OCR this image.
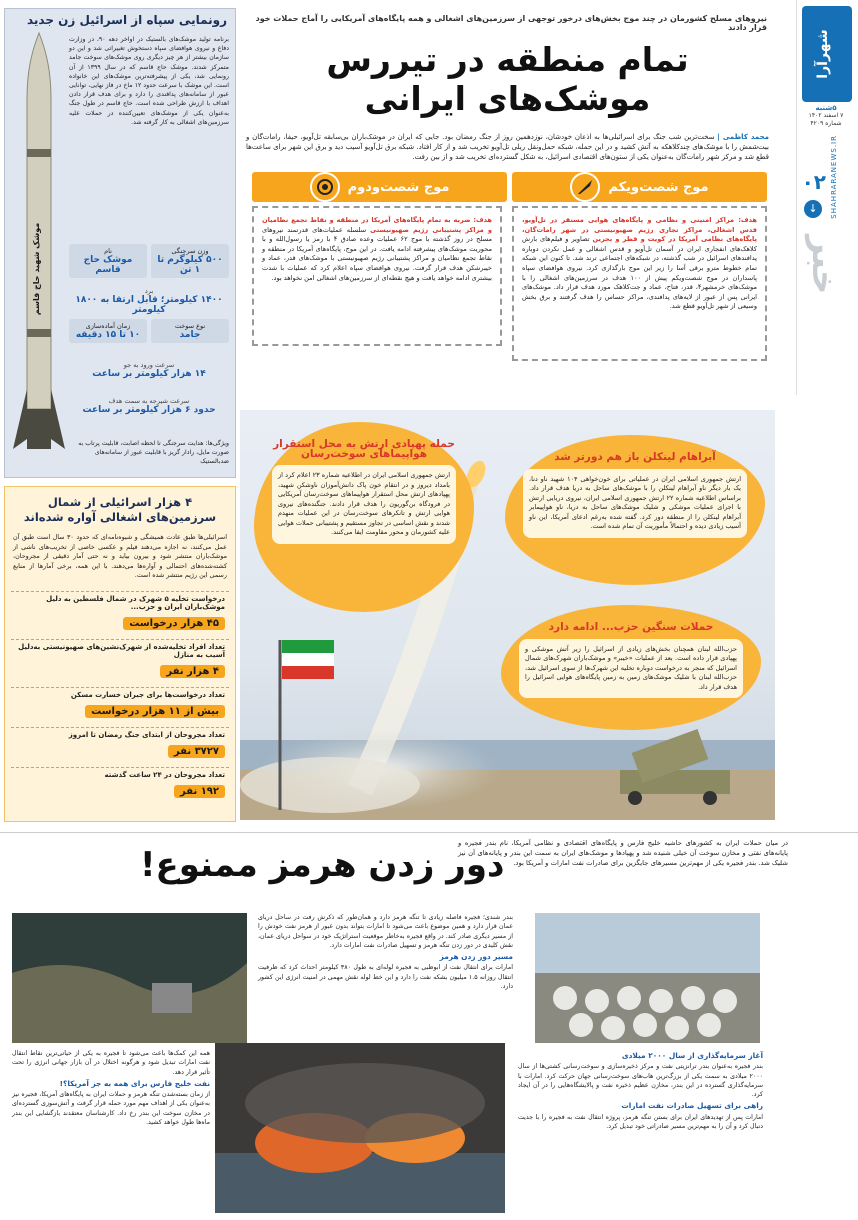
شهرآرا
۵شنبه
۷ اسفند ۱۴۰۲
شماره ۴۲۰۹
SHAHRARANEWS.IR
۰۲
↓
خبر
نیروهای مسلح کشورمان در چند موج بخش‌های درخور توجهی از سرزمین‌های اشغالی و همه پایگاه‌های آمریکایی را آماج حملات خود قرار دادند
تمام منطقه در تیررس موشک‌های ایرانی
محمد کاظمی | سخت‌ترین شب جنگ برای اسرائیلی‌ها به اذعان خودشان، نوزدهمین روز از جنگ رمضان بود. جایی که ایران در موشک‌باران بی‌سابقه تل‌آویو، حیفا، رامات‌گان و بیت‌شمش را با موشک‌های چندکلاهکه به آتش کشید و در این حمله، شبکه حمل‌ونقل ریلی تل‌آویو تخریب شد و از کار افتاد. شبکه برق تل‌آویو آسیب دید و برق این شهر برای ساعت‌ها قطع شد و مرکز شهر رامات‌گان به‌عنوان یکی از ستون‌های اقتصادی اسرائیل، به شکل گسترده‌ای تخریب شد و از بین رفت.
موج شصت‌ویکم
هدف: مراکز امنیتی و نظامی و پایگاه‌های هوایی مستقر در تل‌آویو، قدس اشغالی، مراکز تجاری رژیم صهیونیستی در شهر رامات‌گان، پایگاه‌های نظامی آمریکا در کویت و قطر و بحرین تصاویر و فیلم‌های بارش کلاهک‌های انفجاری ایران در آسمان تل‌آویو و قدس اشغالی و عمل نکردن دوباره پدافندهای اسرائیل در شب گذشته، در شبکه‌های اجتماعی ترند شد. تا کنون این شبکه تمام خطوط مترو برقی آسا را زیر این موج بارگذاری کرد. نیروی هوافضای سپاه پاسداران در موج شصت‌ویکم پیش از ۱۰۰ هدف در سرزمین‌های اشغالی را با موشک‌های خرمشهر۴، قدر، فتاح، عماد و جت‌کلاهک مورد هدف قرار داد. موشک‌های ایرانی پس از عبور از لایه‌های پدافندی، مراکز حساس را هدف گرفتند و برق بخش وسیعی از شهر تل‌آویو قطع شد.
موج شصت‌ودوم
هدف: ضربه به تمام پایگاه‌های آمریکا در منطقه و نقاط تجمع نظامیان و مراکز پشتیبانی رژیم صهیونیستی سلسله عملیات‌های قدرتمند نیروهای مسلح در روز گذشته با موج ۶۲ عملیات وعده صادق ۴ با رمز یا رسول‌الله و با محوریت موشک‌های پیشرفته ادامه یافت. در این موج، پایگاه‌های آمریکا در منطقه و نقاط تجمع نظامیان و مراکز پشتیبانی رژیم صهیونیستی با موشک‌های قدر، عماد و خیبرشکن هدف قرار گرفت. نیروی هوافضای سپاه اعلام کرد که عملیات با شدت بیشتری ادامه خواهد یافت و هیچ نقطه‌ای از سرزمین‌های اشغالی امن نخواهد بود.
حمله پهپادی ارتش به محل استقرار هواپیماهای سوخت‌رسان
ارتش جمهوری اسلامی ایران در اطلاعیه شماره ۲۳ اعلام کرد از بامداد دیروز و در انتقام خون پاک دانش‌آموزان ناوشکن شهید، پهپادهای ارتش محل استقرار هواپیماهای سوخت‌رسان آمریکایی در فرودگاه بن‌گوریون را هدف قرار دادند. جنگنده‌های نیروی هوایی ارتش و تانکرهای سوخت‌رسان در این عملیات منهدم شدند و نقش اساسی در تجاوز مستقیم و پشتیبانی حملات هوایی علیه کشورمان و محور مقاومت ایفا می‌کنند.
آبراهام لینکلن باز هم دورتر شد
ارتش جمهوری اسلامی ایران در عملیاتی برای خون‌خواهی ۱۰۴ شهید ناو دنا، یک بار دیگر ناو آبراهام لینکلن را با موشک‌های ساحل به دریا هدف قرار داد. براساس اطلاعیه شماره ۲۲ ارتش جمهوری اسلامی ایران، نیروی دریایی ارتش با اجرای عملیات موشکی و شلیک موشک‌های ساحل به دریا، ناو هواپیمابر آبراهام لینکلن را از منطقه دور کرد. گفته شده به‌رغم ادعای آمریکا، این ناو آسیب زیادی دیده و احتمالاً مأموریت آن تمام شده است.
حملات سنگین حزب... ادامه دارد
حزب‌الله لبنان همچنان بخش‌های زیادی از اسرائیل را زیر آتش موشکی و پهپادی قرار داده است. بعد از عملیات «خیبر» و موشک‌باران شهرک‌های شمال اسرائیل که منجر به درخواست دوباره تخلیه این شهرک‌ها از سوی اسرائیل شد، حزب‌الله لبنان با شلیک موشک‌های زمین به زمین پایگاه‌های هوایی اسرائیل را هدف قرار داد.
رونمایی سپاه از اسرائیل زن جدید
برنامه تولید موشک‌های بالستیک در اواخر دهه ۹۰، در وزارت دفاع و نیروی هوافضای سپاه دستخوش تغییراتی شد و این دو سازمان بیشتر از هر چیز دیگری روی موشک‌های سوخت جامد متمرکز شدند. موشک حاج قاسم که در سال ۱۳۹۹ از آن رونمایی شد، یکی از پیشرفته‌ترین موشک‌های این خانواده است. این موشک با سرعت حدود ۱۲ ماخ در فاز نهایی، توانایی عبور از سامانه‌های پدافندی را دارد و برای هدف قرار دادن اهداف با ارزش طراحی شده است. حاج قاسم در طول جنگ به‌عنوان یکی از موشک‌های تعیین‌کننده در حملات علیه سرزمین‌های اشغالی به کار گرفته شد.
موشک شهید حاج قاسم	وزن سرجنگی
۵۰۰ کیلوگرم تا ۱ تن
نام
موشک حاج قاسم
برد
۱۴۰۰ کیلومتر؛ قابل ارتقا به ۱۸۰۰ کیلومتر
نوع سوخت
جامد
زمان آماده‌سازی
۱۰ تا ۱۵ دقیقه
سرعت ورود به جو
۱۴ هزار کیلومتر بر ساعت
سرعت شیرجه به سمت هدف
حدود ۶ هزار کیلومتر بر ساعت
ویژگی‌ها: هدایت سرجنگی تا لحظه اصابت، قابلیت پرتاب به صورت مایل، رادار گریز با قابلیت عبور از سامانه‌های ضدبالستیک
۴ هزار اسرائیلی از شمال سرزمین‌های اشغالی آواره شده‌اند
اسرائیلی‌ها طبق عادت همیشگی و شیوه‌نامه‌ای که حدود ۳۰ سال است طبق آن عمل می‌کنند، نه اجازه می‌دهند فیلم و عکسی خاصی از تخریب‌های ناشی از موشک‌باران منتشر شود و بیرون بیاید و نه حتی آمار دقیقی از مجروحان، کشته‌شده‌های احتمالی و آواره‌ها می‌دهند. با این همه، برخی آمارها از منابع رسمی این رژیم منتشر شده است.
درخواست تخلیه ۵ شهرک در شمال فلسطین به دلیل موشک‌باران ایران و حزب...
۴۵ هزار درخواست
تعداد افراد تخلیه‌شده از شهرک‌نشین‌های صهیونیستی به‌دلیل آسیب به منازل
۴ هزار نفر
تعداد درخواست‌ها برای جبران خسارت مسکن
بیش از ۱۱ هزار درخواست
تعداد مجروحان از ابتدای جنگ رمضان تا امروز
۳۷۲۷ نفر
تعداد مجروحان در ۲۴ ساعت گذشته
۱۹۲ نفر
دور زدن هرمز ممنوع!
در میان حملات ایران به کشورهای حاشیه خلیج فارس و پایگاه‌های اقتصادی و نظامی آمریکا، نام بندر فجیره و پایانه‌های نفتی و مخازن سوخت آن خیلی شنیده شد و پهپادها و موشک‌های ایران به سمت این بندر و پایانه‌های آن نیز شلیک شد. بندر فجیره یکی از مهم‌ترین مسیرهای جایگزین برای صادرات نفت امارات و آمریکا بود.
بندر شندی؛ فجیره فاصله زیادی تا تنگه هرمز دارد و همان‌طور که ذکرش رفت در ساحل دریای عمان قرار دارد و همین موضوع باعث می‌شود تا امارات بتواند بدون عبور از هرمز نفت خودش را از مسیر دیگری صادر کند. در واقع فجیره به‌خاطر موقعیت استراتژیک خود در سواحل دریای عمان، نقش کلیدی در دور زدن تنگه هرمز و تسهیل صادرات نفت امارات دارد.
مسیر دور زدن هرمز
امارات برای انتقال نفت از ابوظبی به فجیره لوله‌ای به طول ۳۸۰ کیلومتر احداث کرد که ظرفیت انتقال روزانه ۱.۵ میلیون بشکه نفت را دارد و این خط لوله نقش مهمی در امنیت انرژی این کشور دارد.
آغاز سرمایه‌گذاری از سال ۲۰۰۰ میلادی
بندر فجیره به‌عنوان بندر ترانزیتی نفت و مرکز ذخیره‌سازی و سوخت‌رسانی کشتی‌ها از سال ۲۰۰۰ میلادی به سمت یکی از بزرگ‌ترین هاب‌های سوخت‌رسانی جهان حرکت کرد. امارات با سرمایه‌گذاری گسترده در این بندر، مخازن عظیم ذخیره نفت و پالایشگاه‌هایی را در آن ایجاد کرد.
راهی برای تسهیل صادرات نفت امارات
امارات پس از تهدیدهای ایران برای بستن تنگه هرمز، پروژه انتقال نفت به فجیره را با جدیت دنبال کرد و آن را به مهم‌ترین مسیر صادراتی خود تبدیل کرد.
همه این کمک‌ها باعث می‌شود تا فجیره به یکی از حیاتی‌ترین نقاط انتقال نفت امارات تبدیل شود و هرگونه اختلال در آن بازار جهانی انرژی را تحت تأثیر قرار دهد.
نفت خلیج فارس برای همه به جز آمریکا؟!
از زمان بسته‌شدن تنگه هرمز و حملات ایران به پایگاه‌های آمریکا، فجیره نیز به‌عنوان یکی از اهداف مهم مورد حمله قرار گرفت و آتش‌سوزی گسترده‌ای در مخازن سوخت این بندر رخ داد. کارشناسان معتقدند بازگشایی این بندر ماه‌ها طول خواهد کشید.
